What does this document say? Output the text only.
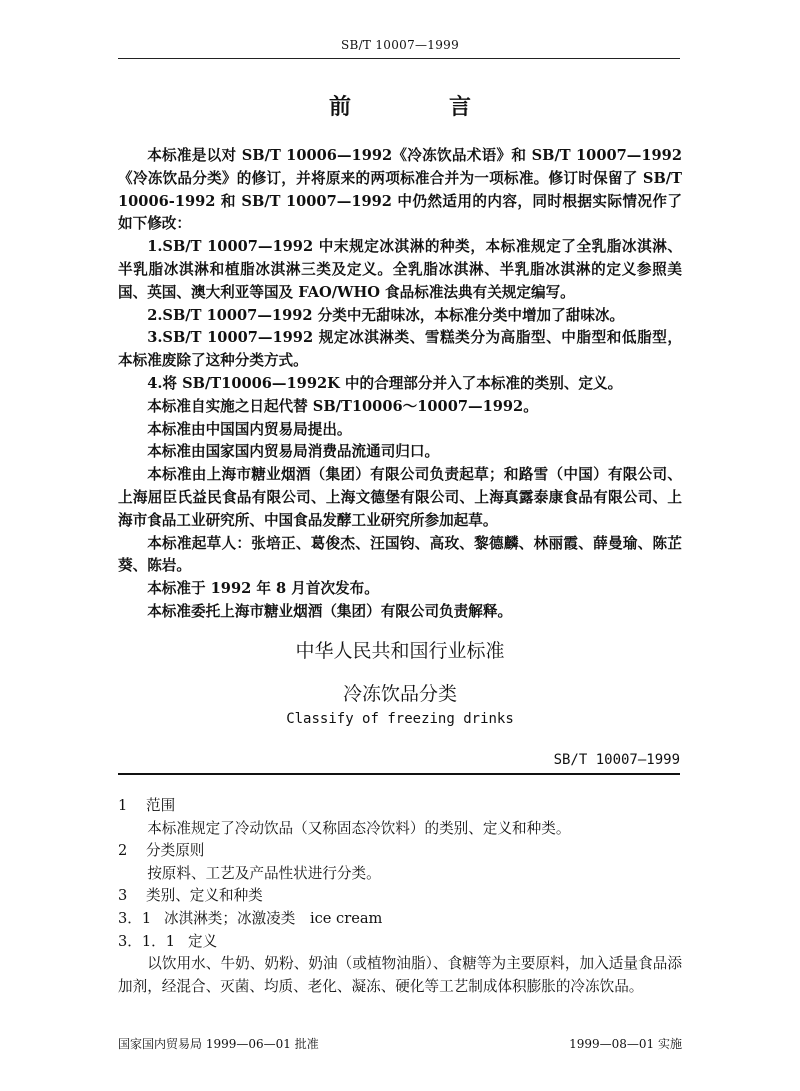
SB/T 10007—1999
前　言

本标准是以对 SB/T 10006—1992《冷冻饮品术语》和 SB/T 10007—1992《冷冻饮品分类》的修订，并将原来的两项标准合并为一项标准。修订时保留了 SB/T 10006-1992 和 SB/T 10007—1992 中仍然适用的内容，同时根据实际情况作了如下修改：

1.SB/T 10007—1992 中末规定冰淇淋的种类，本标准规定了全乳脂冰淇淋、半乳脂冰淇淋和植脂冰淇淋三类及定义。全乳脂冰淇淋、半乳脂冰淇淋的定义参照美国、英国、澳大利亚等国及 FAO/WHO 食品标准法典有关规定编写。

2.SB/T 10007—1992 分类中无甜味冰，本标准分类中增加了甜味冰。

3.SB/T 10007—1992 规定冰淇淋类、雪糕类分为高脂型、中脂型和低脂型，本标准废除了这种分类方式。

4.将 SB/T10006—1992K 中的合理部分并入了本标准的类别、定义。

本标准自实施之日起代替 SB/T10006～10007—1992。

本标准由中国国内贸易局提出。

本标准由国家国内贸易局消费品流通司归口。

本标准由上海市糖业烟酒（集团）有限公司负责起草；和路雪（中国）有限公司、上海屈臣氏益民食品有限公司、上海文德堡有限公司、上海真露泰康食品有限公司、上海市食品工业研究所、中国食品发酵工业研究所参加起草。

本标准起草人：张培正、葛俊杰、汪国钧、高玫、黎德麟、林丽霞、薛曼瑜、陈芷葵、陈岩。

本标准于 1992 年 8 月首次发布。

本标准委托上海市糖业烟酒（集团）有限公司负责解释。

中华人民共和国行业标准
冷冻饮品分类
Classify of freezing drinks
SB/T 10007—1999

1 范围

本标准规定了冷动饮品（又称固态冷饮料）的类别、定义和种类。

2 分类原则

按原料、工艺及产品性状进行分类。

3 类别、定义和种类

3．1 冰淇淋类；冰激凌类　ice cream

3．1．1 定义

以饮用水、牛奶、奶粉、奶油（或植物油脂）、食糖等为主要原料，加入适量食品添加剂，经混合、灭菌、均质、老化、凝冻、硬化等工艺制成体积膨胀的冷冻饮品。

国家国内贸易局 1999—06—01 批准	1999—08—01 实施
